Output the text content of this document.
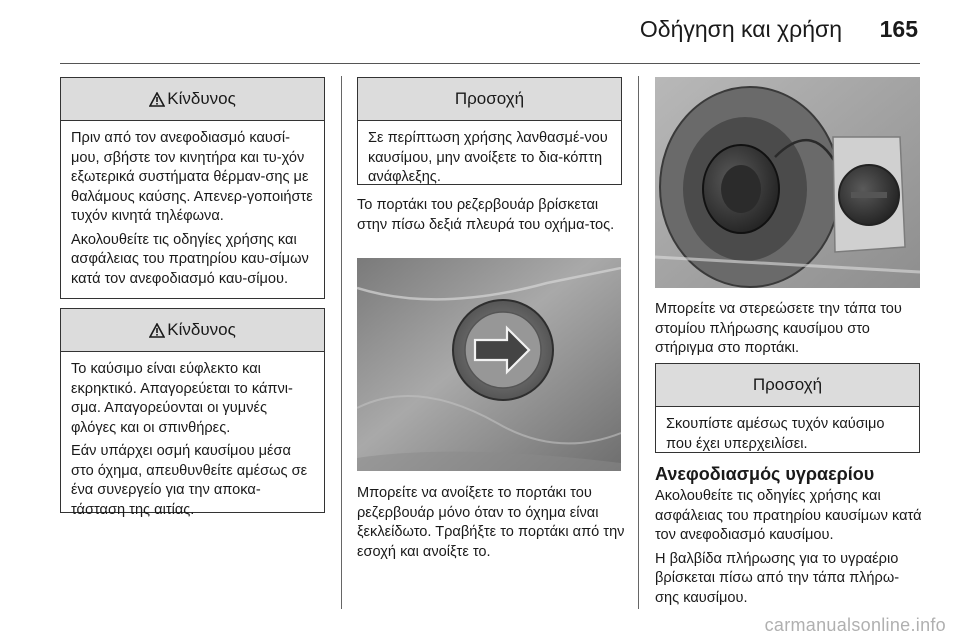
Οδήγηση και χρήση 165
Κίνδυνος

Πριν από τον ανεφοδιασμό καυσί-μου, σβήστε τον κινητήρα και τυ-χόν εξωτερικά συστήματα θέρμαν-σης με θαλάμους καύσης. Απενερ-γοποιήστε τυχόν κινητά τηλέφωνα.

Ακολουθείτε τις οδηγίες χρήσης και ασφάλειας του πρατηρίου καυ-σίμων κατά τον ανεφοδιασμό καυ-σίμου.

Κίνδυνος

Το καύσιμο είναι εύφλεκτο και εκρηκτικό. Απαγορεύεται το κάπνι-σμα. Απαγορεύονται οι γυμνές φλόγες και οι σπινθήρες.

Εάν υπάρχει οσμή καυσίμου μέσα στο όχημα, απευθυνθείτε αμέσως σε ένα συνεργείο για την αποκα-τάσταση της αιτίας.

Προσοχή

Σε περίπτωση χρήσης λανθασμέ-νου καυσίμου, μην ανοίξετε το δια-κόπτη ανάφλεξης.

Το πορτάκι του ρεζερβουάρ βρίσκεται στην πίσω δεξιά πλευρά του οχήμα-τος.

Μπορείτε να ανοίξετε το πορτάκι του ρεζερβουάρ μόνο όταν το όχημα είναι ξεκλείδωτο. Τραβήξτε το πορτάκι από την εσοχή και ανοίξτε το.

Μπορείτε να στερεώσετε την τάπα του στομίου πλήρωσης καυσίμου στο στήριγμα στο πορτάκι.

Προσοχή

Σκουπίστε αμέσως τυχόν καύσιμο που έχει υπερχειλίσει.

Ανεφοδιασμός υγραερίου

Ακολουθείτε τις οδηγίες χρήσης και ασφάλειας του πρατηρίου καυσίμων κατά τον ανεφοδιασμό καυσίμου.

Η βαλβίδα πλήρωσης για το υγραέριο βρίσκεται πίσω από την τάπα πλήρω-σης καυσίμου.

carmanualsonline.info
